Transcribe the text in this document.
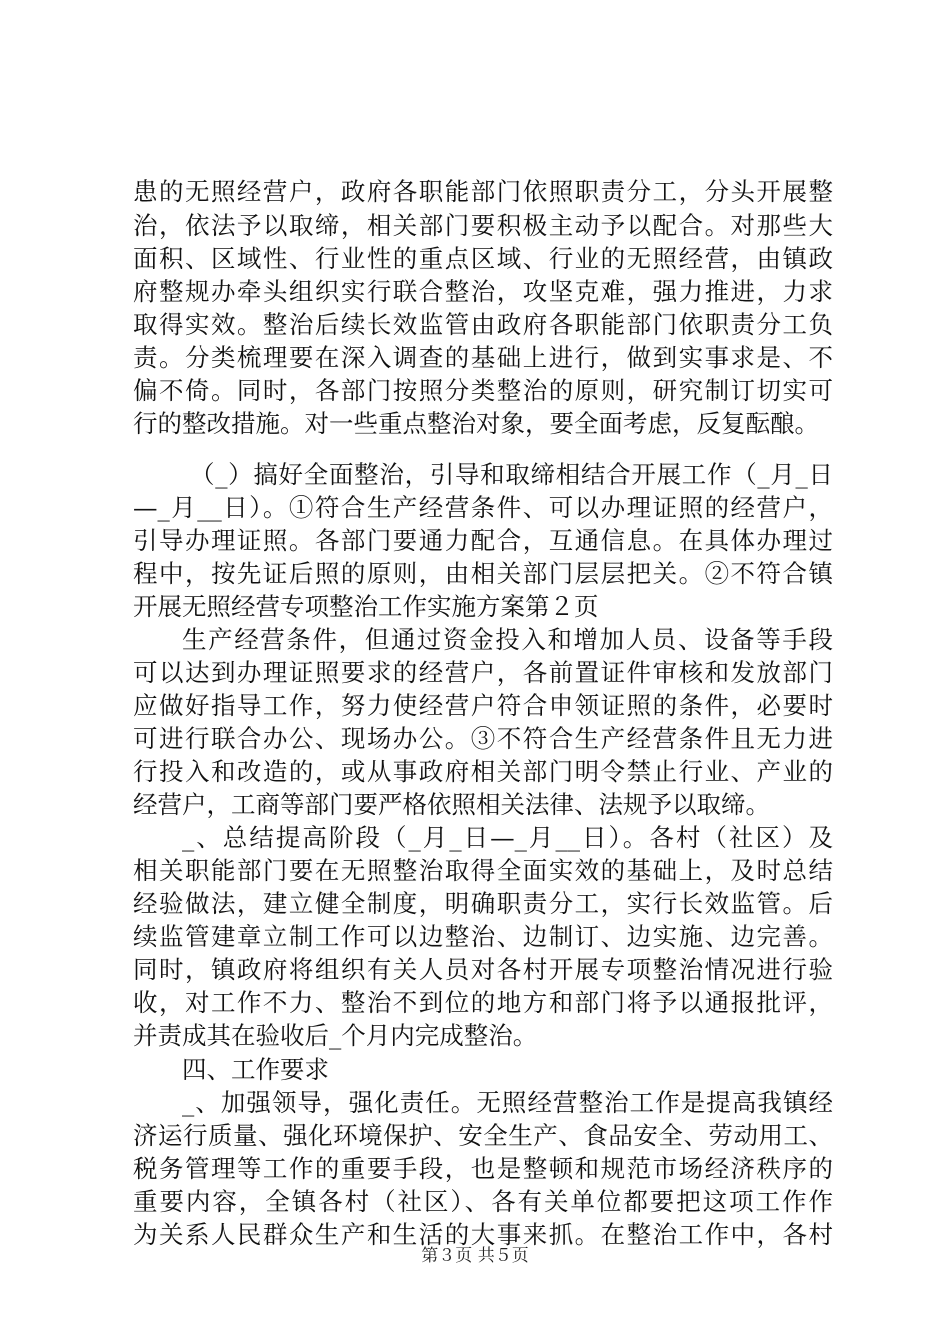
患的无照经营户，政府各职能部门依照职责分工，分头开展整
治，依法予以取缔，相关部门要积极主动予以配合。对那些大
面积、区域性、行业性的重点区域、行业的无照经营，由镇政
府整规办牵头组织实行联合整治，攻坚克难，强力推进，力求
取得实效。整治后续长效监管由政府各职能部门依职责分工负
责。分类梳理要在深入调查的基础上进行，做到实事求是、不
偏不倚。同时，各部门按照分类整治的原则，研究制订切实可
行的整改措施。对一些重点整治对象，要全面考虑，反复酝酿。
（_）搞好全面整治，引导和取缔相结合开展工作（_月_日
—_月__日）。①符合生产经营条件、可以办理证照的经营户，
引导办理证照。各部门要通力配合，互通信息。在具体办理过
程中，按先证后照的原则，由相关部门层层把关。②不符合镇
开展无照经营专项整治工作实施方案第２页
生产经营条件，但通过资金投入和增加人员、设备等手段
可以达到办理证照要求的经营户，各前置证件审核和发放部门
应做好指导工作，努力使经营户符合申领证照的条件，必要时
可进行联合办公、现场办公。③不符合生产经营条件且无力进
行投入和改造的，或从事政府相关部门明令禁止行业、产业的
经营户，工商等部门要严格依照相关法律、法规予以取缔。
_、总结提高阶段（_月_日—_月__日）。各村（社区）及
相关职能部门要在无照整治取得全面实效的基础上，及时总结
经验做法，建立健全制度，明确职责分工，实行长效监管。后
续监管建章立制工作可以边整治、边制订、边实施、边完善。
同时，镇政府将组织有关人员对各村开展专项整治情况进行验
收，对工作不力、整治不到位的地方和部门将予以通报批评，
并责成其在验收后_个月内完成整治。
四、工作要求
_、加强领导，强化责任。无照经营整治工作是提高我镇经
济运行质量、强化环境保护、安全生产、食品安全、劳动用工、
税务管理等工作的重要手段，也是整顿和规范市场经济秩序的
重要内容，全镇各村（社区）、各有关单位都要把这项工作作
为关系人民群众生产和生活的大事来抓。在整治工作中，各村
第３页 共５页
